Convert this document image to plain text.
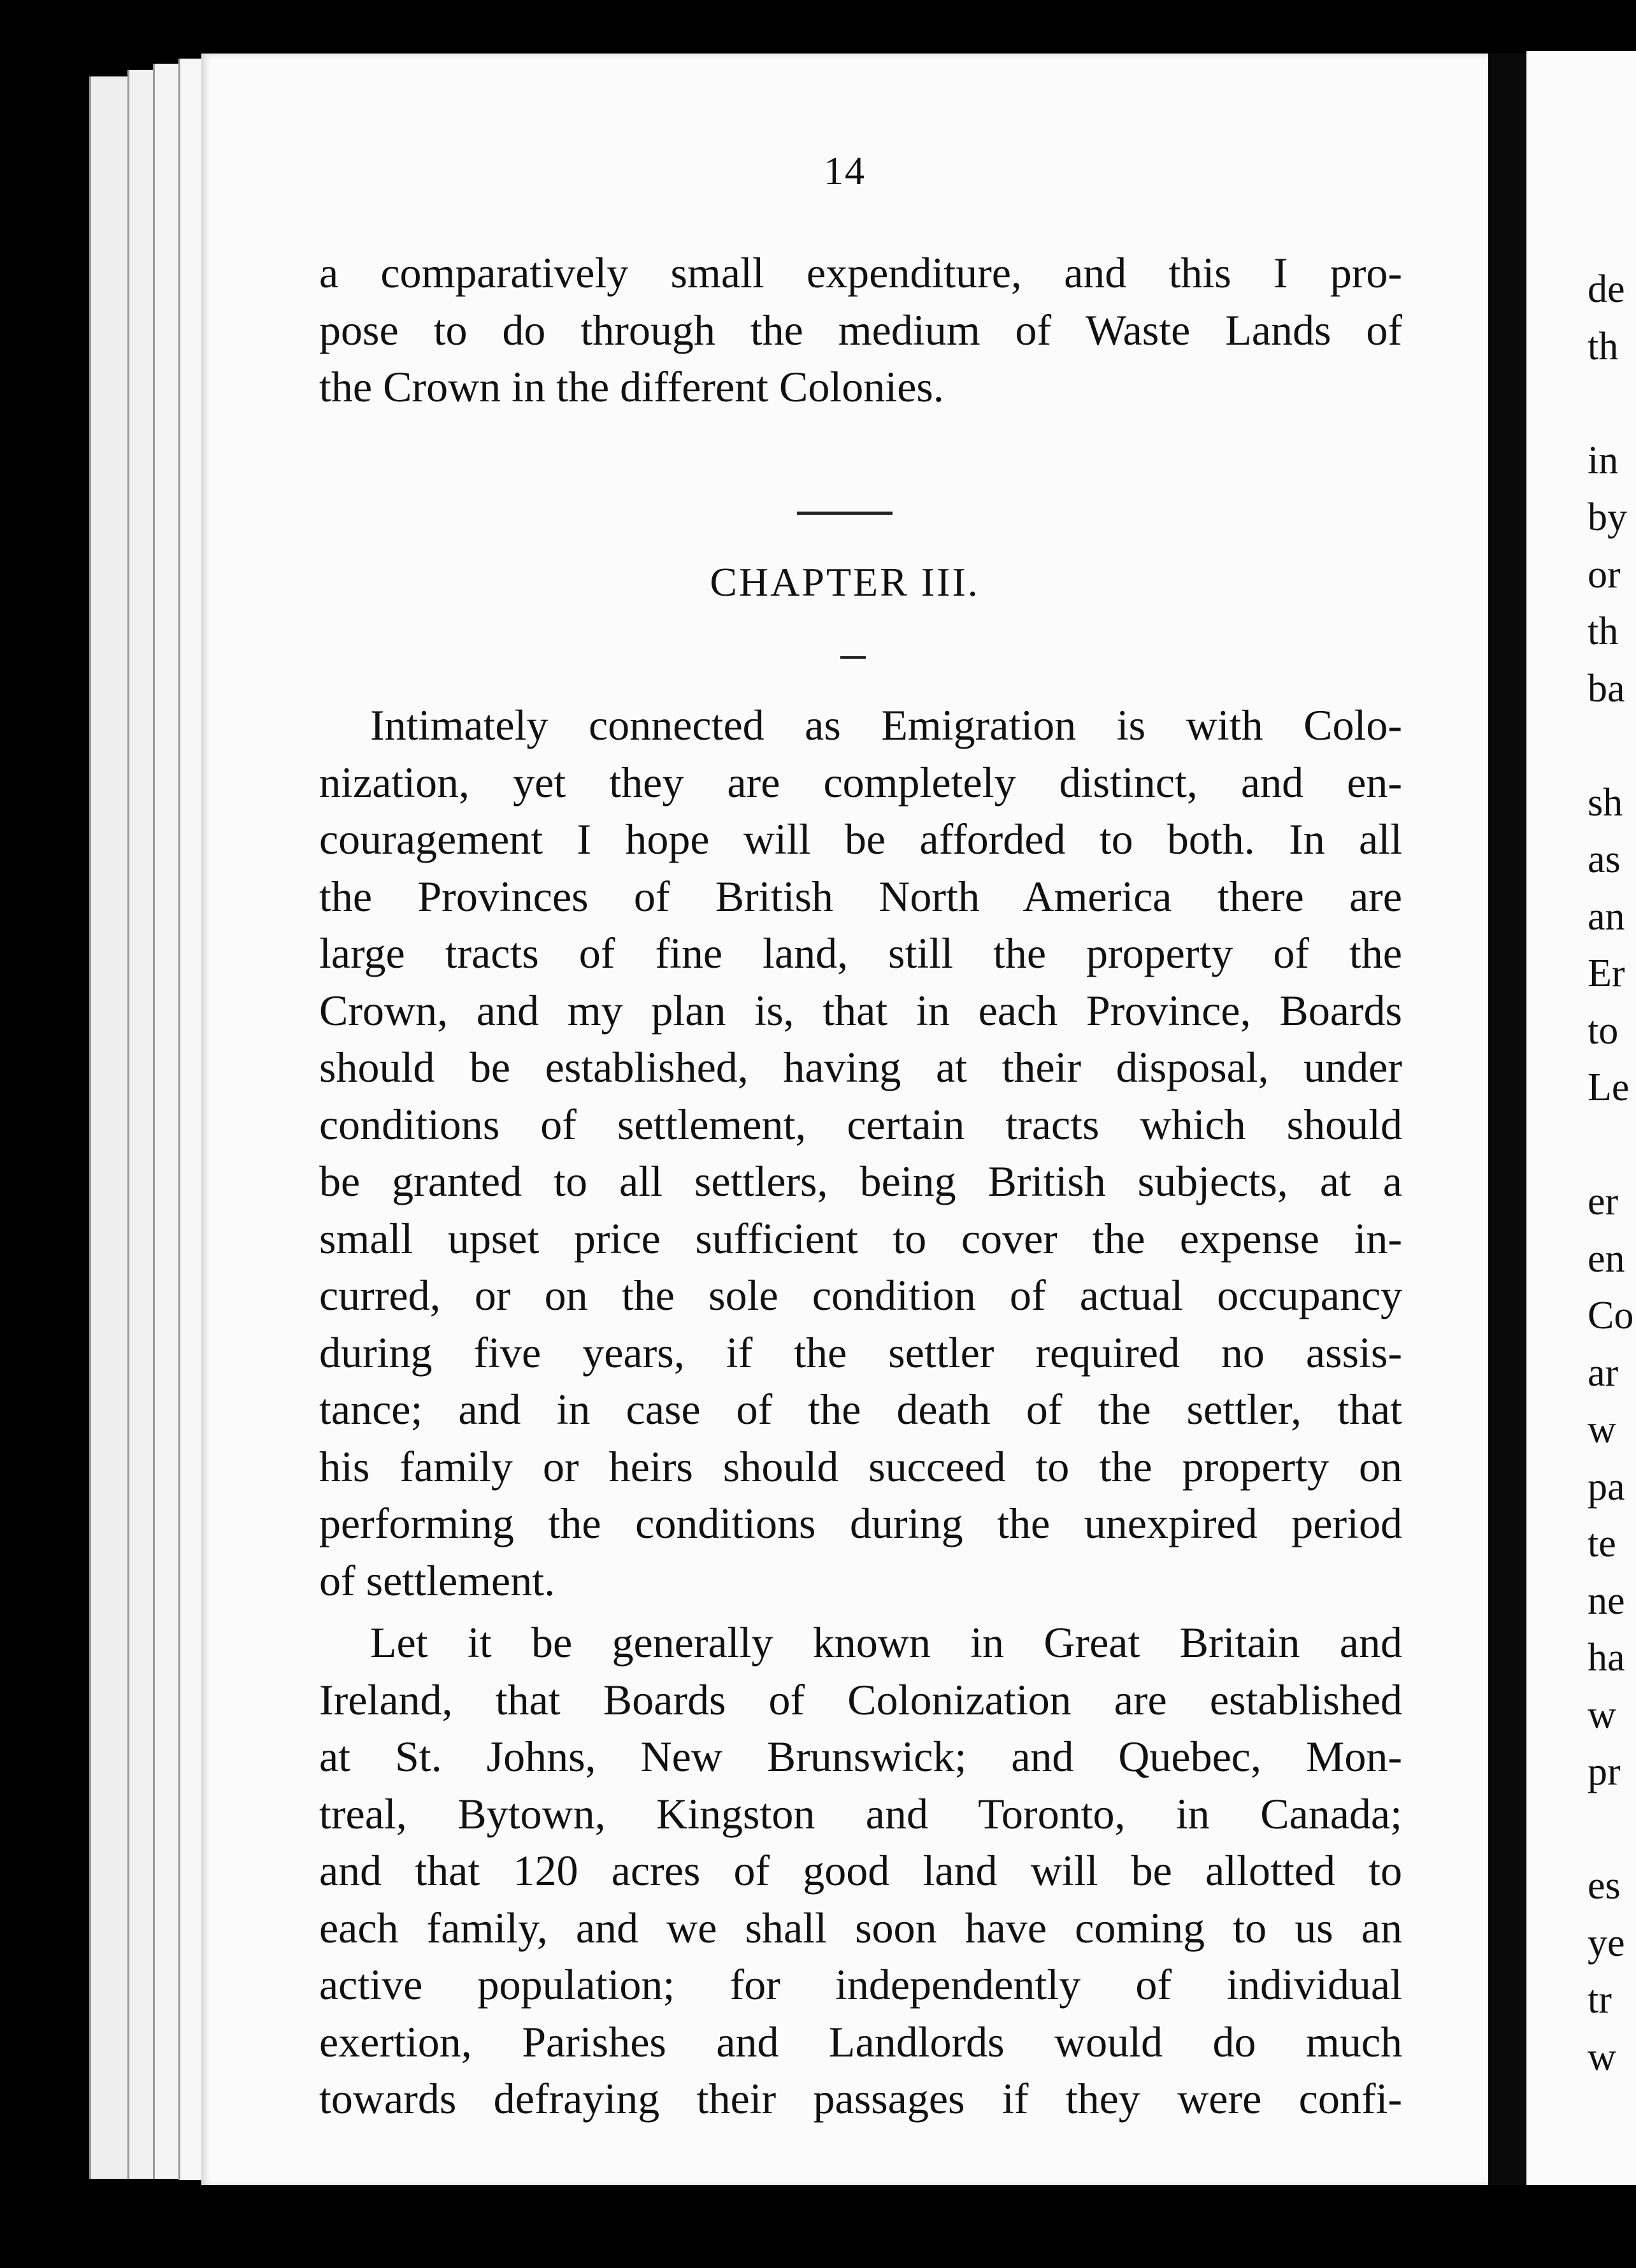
14
a comparatively small expenditure, and this I pro-
pose to do through the medium of Waste Lands of
the Crown in the different Colonies.
CHAPTER III.
Intimately connected as Emigration is with Colo-
nization, yet they are completely distinct, and en-
couragement I hope will be afforded to both. In all
the Provinces of British North America there are
large tracts of fine land, still the property of the
Crown, and my plan is, that in each Province, Boards
should be established, having at their disposal, under
conditions of settlement, certain tracts which should
be granted to all settlers, being British subjects, at a
small upset price sufficient to cover the expense in-
curred, or on the sole condition of actual occupancy
during five years, if the settler required no assis-
tance; and in case of the death of the settler, that
his family or heirs should succeed to the property on
performing the conditions during the unexpired period
of settlement.
Let it be generally known in Great Britain and
Ireland, that Boards of Colonization are established
at St. Johns, New Brunswick; and Quebec, Mon-
treal, Bytown, Kingston and Toronto, in Canada;
and that 120 acres of good land will be allotted to
each family, and we shall soon have coming to us an
active population; for independently of individual
exertion, Parishes and Landlords would do much
towards defraying their passages if they were confi-
de
th
in
by
or
th
ba
sh
as
an
Er
to
Le
er
en
Co
ar
w
pa
te
ne
ha
w
pr
es
ye
tr
w
